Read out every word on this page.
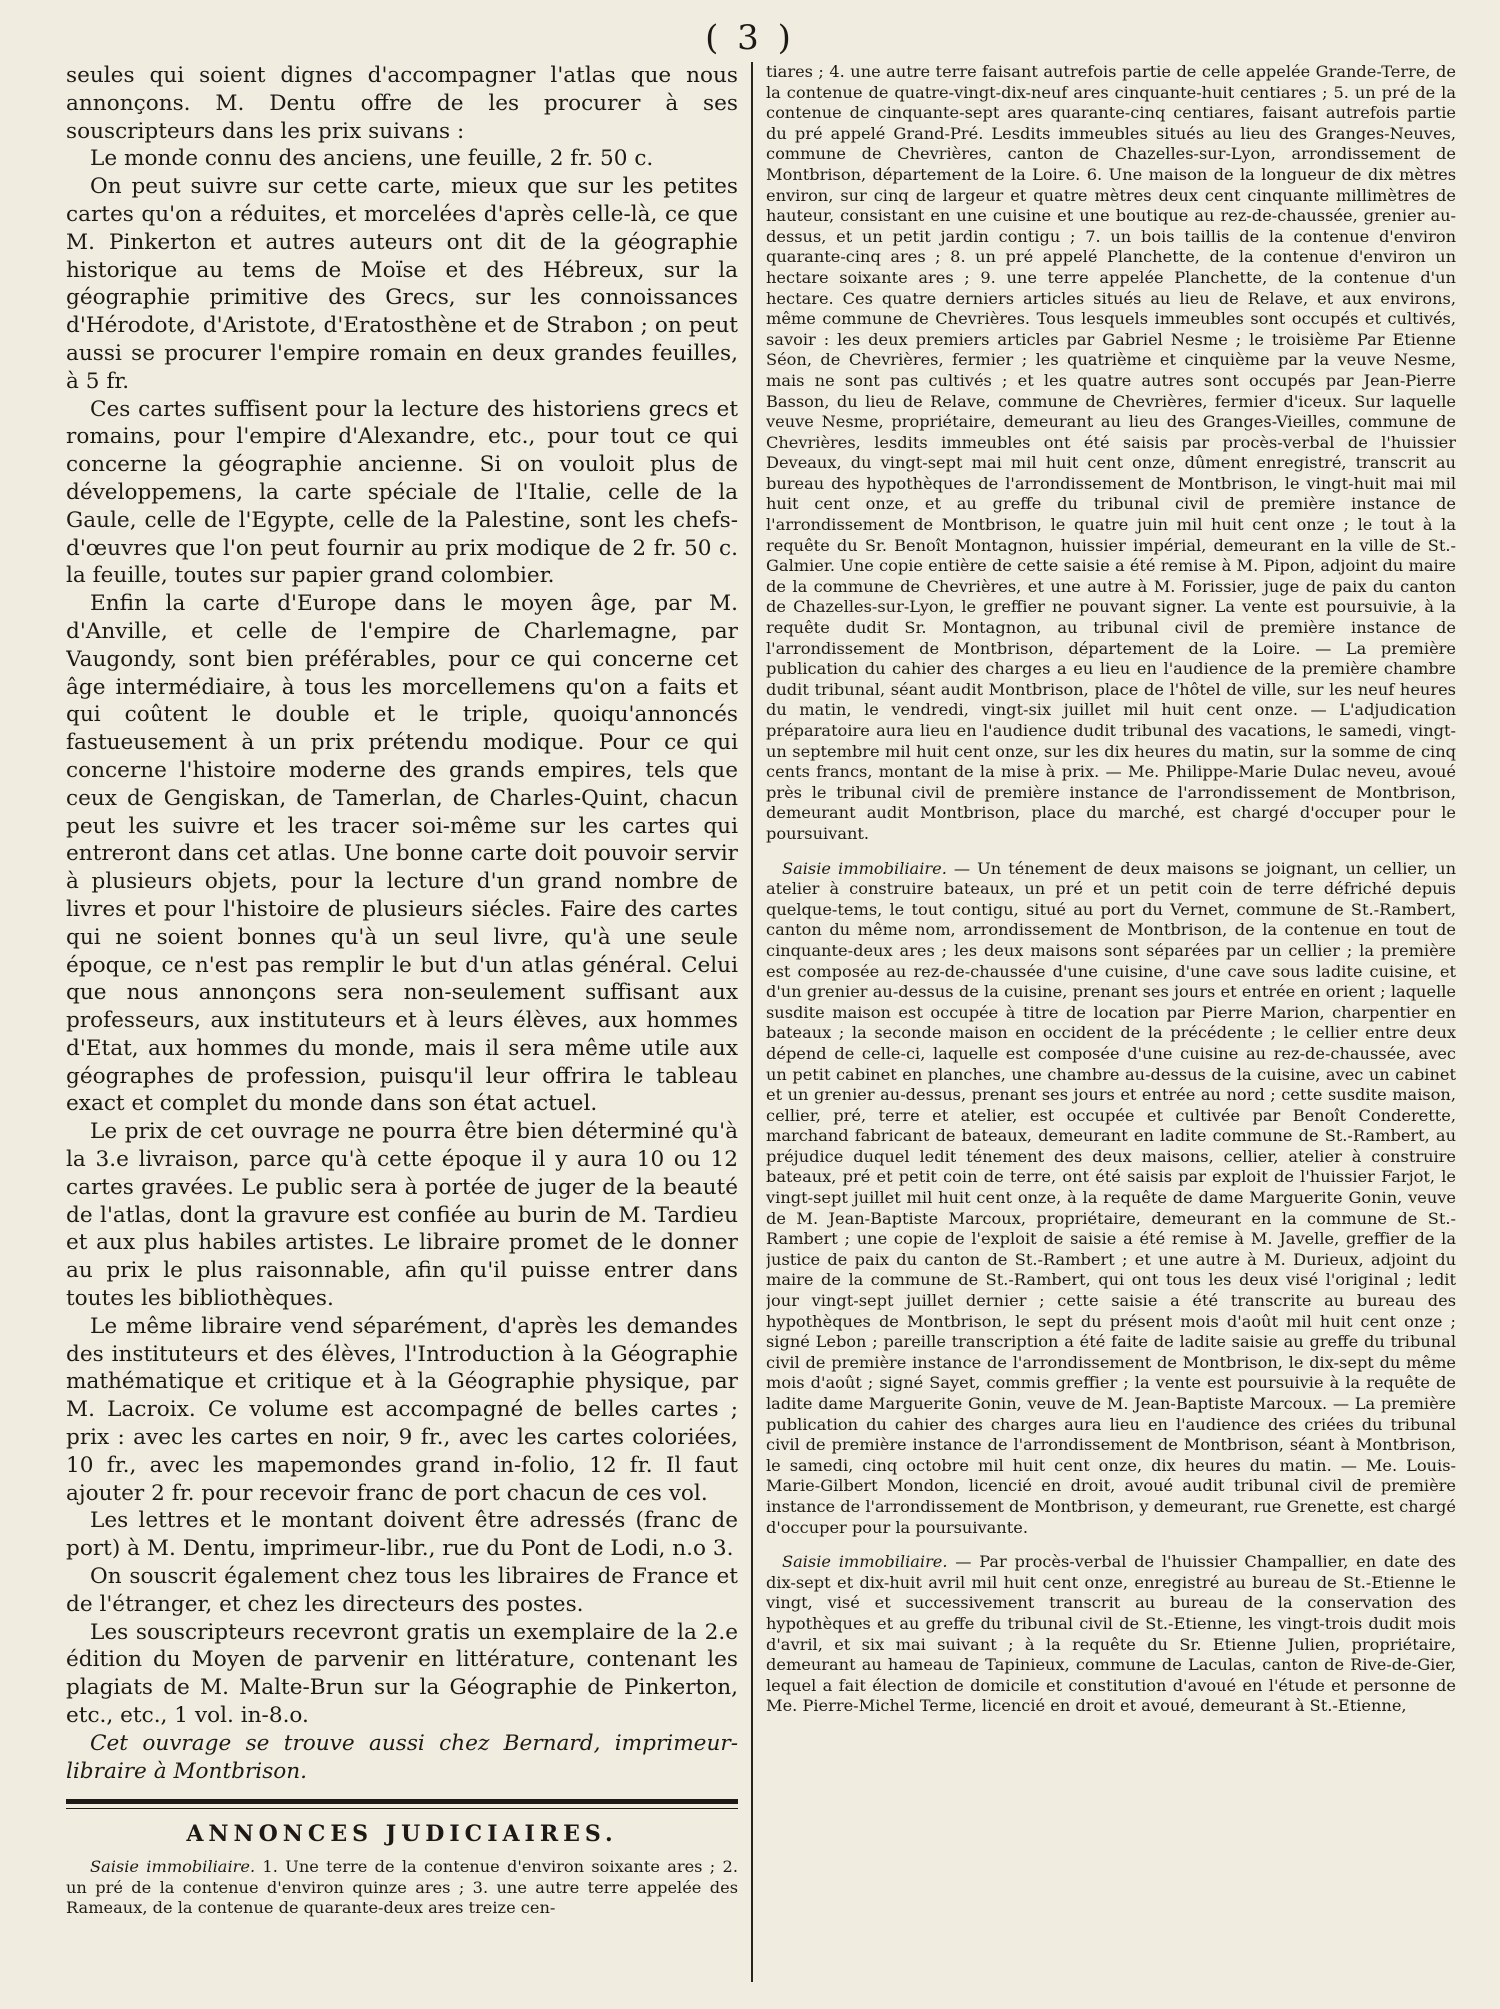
( 3 )

seules qui soient dignes d'accompagner l'atlas que nous annonçons. M. Dentu offre de les procurer à ses souscripteurs dans les prix suivans :

Le monde connu des anciens, une feuille, 2 fr. 50 c.

On peut suivre sur cette carte, mieux que sur les petites cartes qu'on a réduites, et morcelées d'après celle-là, ce que M. Pinkerton et autres auteurs ont dit de la géographie historique au tems de Moïse et des Hébreux, sur la géographie primitive des Grecs, sur les connoissances d'Hérodote, d'Aristote, d'Eratosthène et de Strabon ; on peut aussi se procurer l'empire romain en deux grandes feuilles, à 5 fr.

Ces cartes suffisent pour la lecture des historiens grecs et romains, pour l'empire d'Alexandre, etc., pour tout ce qui concerne la géographie ancienne. Si on vouloit plus de développemens, la carte spéciale de l'Italie, celle de la Gaule, celle de l'Egypte, celle de la Palestine, sont les chefs-d'œuvres que l'on peut fournir au prix modique de 2 fr. 50 c. la feuille, toutes sur papier grand colombier.

Enfin la carte d'Europe dans le moyen âge, par M. d'Anville, et celle de l'empire de Charlemagne, par Vaugondy, sont bien préférables, pour ce qui concerne cet âge intermédiaire, à tous les morcellemens qu'on a faits et qui coûtent le double et le triple, quoiqu'annoncés fastueusement à un prix prétendu modique. Pour ce qui concerne l'histoire moderne des grands empires, tels que ceux de Gengiskan, de Tamerlan, de Charles-Quint, chacun peut les suivre et les tracer soi-même sur les cartes qui entreront dans cet atlas. Une bonne carte doit pouvoir servir à plusieurs objets, pour la lecture d'un grand nombre de livres et pour l'histoire de plusieurs siécles. Faire des cartes qui ne soient bonnes qu'à un seul livre, qu'à une seule époque, ce n'est pas remplir le but d'un atlas général. Celui que nous annonçons sera non-seulement suffisant aux professeurs, aux instituteurs et à leurs élèves, aux hommes d'Etat, aux hommes du monde, mais il sera même utile aux géographes de profession, puisqu'il leur offrira le tableau exact et complet du monde dans son état actuel.

Le prix de cet ouvrage ne pourra être bien déterminé qu'à la 3.e livraison, parce qu'à cette époque il y aura 10 ou 12 cartes gravées. Le public sera à portée de juger de la beauté de l'atlas, dont la gravure est confiée au burin de M. Tardieu et aux plus habiles artistes. Le libraire promet de le donner au prix le plus raisonnable, afin qu'il puisse entrer dans toutes les bibliothèques.

Le même libraire vend séparément, d'après les demandes des instituteurs et des élèves, l'Introduction à la Géographie mathématique et critique et à la Géographie physique, par M. Lacroix. Ce volume est accompagné de belles cartes ; prix : avec les cartes en noir, 9 fr., avec les cartes coloriées, 10 fr., avec les mapemondes grand in-folio, 12 fr. Il faut ajouter 2 fr. pour recevoir franc de port chacun de ces vol.

Les lettres et le montant doivent être adressés (franc de port) à M. Dentu, imprimeur-libr., rue du Pont de Lodi, n.o 3.

On souscrit également chez tous les libraires de France et de l'étranger, et chez les directeurs des postes.

Les souscripteurs recevront gratis un exemplaire de la 2.e édition du Moyen de parvenir en littérature, contenant les plagiats de M. Malte-Brun sur la Géographie de Pinkerton, etc., etc., 1 vol. in-8.o.

Cet ouvrage se trouve aussi chez Bernard, imprimeur-libraire à Montbrison.

ANNONCES JUDICIAIRES.

Saisie immobiliaire. 1. Une terre de la contenue d'environ soixante ares ; 2. un pré de la contenue d'environ quinze ares ; 3. une autre terre appelée des Rameaux, de la contenue de quarante-deux ares treize cen-

tiares ; 4. une autre terre faisant autrefois partie de celle appelée Grande-Terre, de la contenue de quatre-vingt-dix-neuf ares cinquante-huit centiares ; 5. un pré de la contenue de cinquante-sept ares quarante-cinq centiares, faisant autrefois partie du pré appelé Grand-Pré. Lesdits immeubles situés au lieu des Granges-Neuves, commune de Chevrières, canton de Chazelles-sur-Lyon, arrondissement de Montbrison, département de la Loire. 6. Une maison de la longueur de dix mètres environ, sur cinq de largeur et quatre mètres deux cent cinquante millimètres de hauteur, consistant en une cuisine et une boutique au rez-de-chaussée, grenier au-dessus, et un petit jardin contigu ; 7. un bois taillis de la contenue d'environ quarante-cinq ares ; 8. un pré appelé Planchette, de la contenue d'environ un hectare soixante ares ; 9. une terre appelée Planchette, de la contenue d'un hectare. Ces quatre derniers articles situés au lieu de Relave, et aux environs, même commune de Chevrières. Tous lesquels immeubles sont occupés et cultivés, savoir : les deux premiers articles par Gabriel Nesme ; le troisième Par Etienne Séon, de Chevrières, fermier ; les quatrième et cinquième par la veuve Nesme, mais ne sont pas cultivés ; et les quatre autres sont occupés par Jean-Pierre Basson, du lieu de Relave, commune de Chevrières, fermier d'iceux. Sur laquelle veuve Nesme, propriétaire, demeurant au lieu des Granges-Vieilles, commune de Chevrières, lesdits immeubles ont été saisis par procès-verbal de l'huissier Deveaux, du vingt-sept mai mil huit cent onze, dûment enregistré, transcrit au bureau des hypothèques de l'arrondissement de Montbrison, le vingt-huit mai mil huit cent onze, et au greffe du tribunal civil de première instance de l'arrondissement de Montbrison, le quatre juin mil huit cent onze ; le tout à la requête du Sr. Benoît Montagnon, huissier impérial, demeurant en la ville de St.-Galmier. Une copie entière de cette saisie a été remise à M. Pipon, adjoint du maire de la commune de Chevrières, et une autre à M. Forissier, juge de paix du canton de Chazelles-sur-Lyon, le greffier ne pouvant signer. La vente est poursuivie, à la requête dudit Sr. Montagnon, au tribunal civil de première instance de l'arrondissement de Montbrison, département de la Loire. — La première publication du cahier des charges a eu lieu en l'audience de la première chambre dudit tribunal, séant audit Montbrison, place de l'hôtel de ville, sur les neuf heures du matin, le vendredi, vingt-six juillet mil huit cent onze. — L'adjudication préparatoire aura lieu en l'audience dudit tribunal des vacations, le samedi, vingt-un septembre mil huit cent onze, sur les dix heures du matin, sur la somme de cinq cents francs, montant de la mise à prix. — Me. Philippe-Marie Dulac neveu, avoué près le tribunal civil de première instance de l'arrondissement de Montbrison, demeurant audit Montbrison, place du marché, est chargé d'occuper pour le poursuivant.

Saisie immobiliaire. — Un ténement de deux maisons se joignant, un cellier, un atelier à construire bateaux, un pré et un petit coin de terre défriché depuis quelque-tems, le tout contigu, situé au port du Vernet, commune de St.-Rambert, canton du même nom, arrondissement de Montbrison, de la contenue en tout de cinquante-deux ares ; les deux maisons sont séparées par un cellier ; la première est composée au rez-de-chaussée d'une cuisine, d'une cave sous ladite cuisine, et d'un grenier au-dessus de la cuisine, prenant ses jours et entrée en orient ; laquelle susdite maison est occupée à titre de location par Pierre Marion, charpentier en bateaux ; la seconde maison en occident de la précédente ; le cellier entre deux dépend de celle-ci, laquelle est composée d'une cuisine au rez-de-chaussée, avec un petit cabinet en planches, une chambre au-dessus de la cuisine, avec un cabinet et un grenier au-dessus, prenant ses jours et entrée au nord ; cette susdite maison, cellier, pré, terre et atelier, est occupée et cultivée par Benoît Conderette, marchand fabricant de bateaux, demeurant en ladite commune de St.-Rambert, au préjudice duquel ledit ténement des deux maisons, cellier, atelier à construire bateaux, pré et petit coin de terre, ont été saisis par exploit de l'huissier Farjot, le vingt-sept juillet mil huit cent onze, à la requête de dame Marguerite Gonin, veuve de M. Jean-Baptiste Marcoux, propriétaire, demeurant en la commune de St.-Rambert ; une copie de l'exploit de saisie a été remise à M. Javelle, greffier de la justice de paix du canton de St.-Rambert ; et une autre à M. Durieux, adjoint du maire de la commune de St.-Rambert, qui ont tous les deux visé l'original ; ledit jour vingt-sept juillet dernier ; cette saisie a été transcrite au bureau des hypothèques de Montbrison, le sept du présent mois d'août mil huit cent onze ; signé Lebon ; pareille transcription a été faite de ladite saisie au greffe du tribunal civil de première instance de l'arrondissement de Montbrison, le dix-sept du même mois d'août ; signé Sayet, commis greffier ; la vente est poursuivie à la requête de ladite dame Marguerite Gonin, veuve de M. Jean-Baptiste Marcoux. — La première publication du cahier des charges aura lieu en l'audience des criées du tribunal civil de première instance de l'arrondissement de Montbrison, séant à Montbrison, le samedi, cinq octobre mil huit cent onze, dix heures du matin. — Me. Louis-Marie-Gilbert Mondon, licencié en droit, avoué audit tribunal civil de première instance de l'arrondissement de Montbrison, y demeurant, rue Grenette, est chargé d'occuper pour la poursuivante.

Saisie immobiliaire. — Par procès-verbal de l'huissier Champallier, en date des dix-sept et dix-huit avril mil huit cent onze, enregistré au bureau de St.-Etienne le vingt, visé et successivement transcrit au bureau de la conservation des hypothèques et au greffe du tribunal civil de St.-Etienne, les vingt-trois dudit mois d'avril, et six mai suivant ; à la requête du Sr. Etienne Julien, propriétaire, demeurant au hameau de Tapinieux, commune de Laculas, canton de Rive-de-Gier, lequel a fait élection de domicile et constitution d'avoué en l'étude et personne de Me. Pierre-Michel Terme, licencié en droit et avoué, demeurant à St.-Etienne,
